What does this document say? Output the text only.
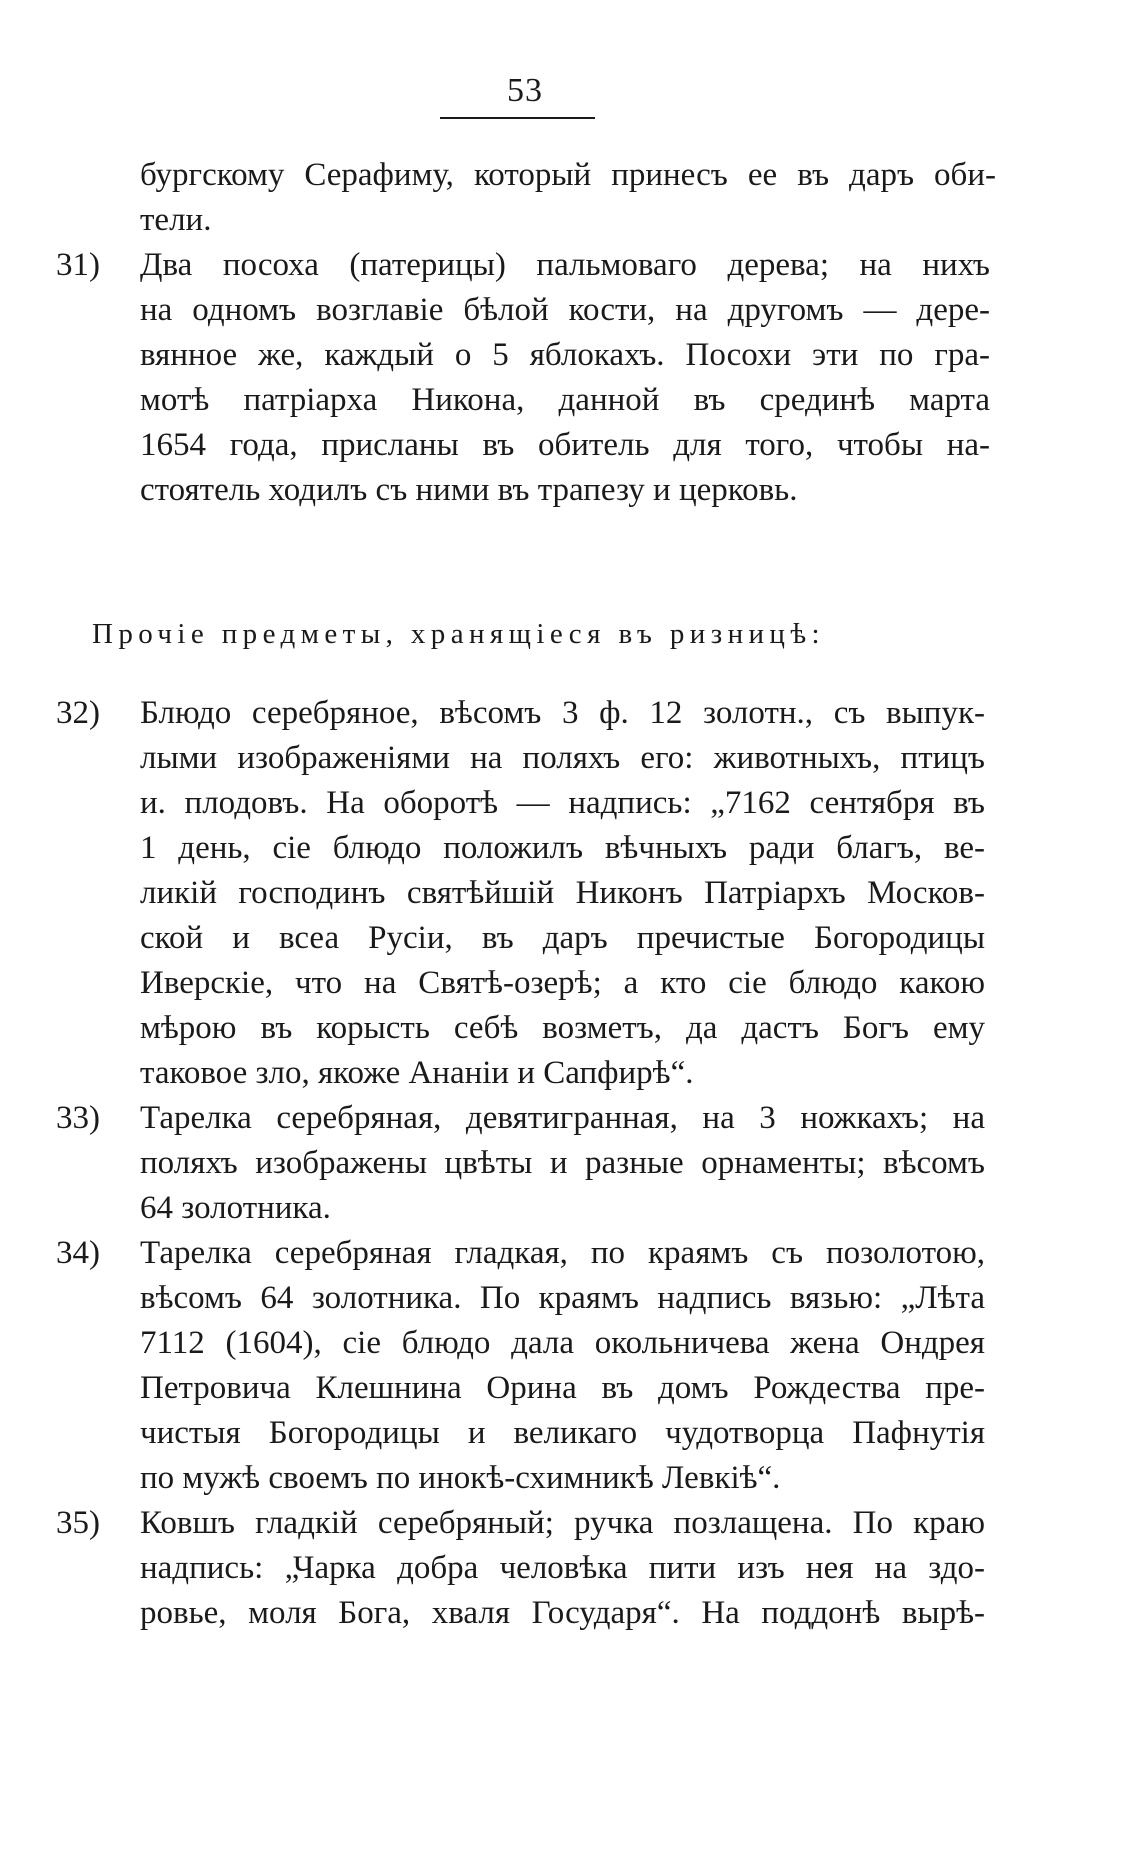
53
бургскому Серафиму, который принесъ ее въ даръ оби-
тели.
31) Два посоха (патерицы) пальмоваго дерева; на нихъ
на одномъ возглавіе бѣлой кости, на другомъ — дере-
вянное же, каждый о 5 яблокахъ. Посохи эти по гра-
мотѣ патріарха Никона, данной въ срединѣ марта
1654 года, присланы въ обитель для того, чтобы на-
стоятель ходилъ съ ними въ трапезу и церковь.
Прочіе предметы, хранящіеся въ ризницѣ:
32) Блюдо серебряное, вѣсомъ 3 ф. 12 золотн., съ выпук-
лыми изображеніями на поляхъ его: животныхъ, птицъ
и. плодовъ. На оборотѣ — надпись: „7162 сентября въ
1 день, сіе блюдо положилъ вѣчныхъ ради благъ, ве-
ликій господинъ святѣйшій Никонъ Патріархъ Москов-
ской и всеа Русіи, въ даръ пречистые Богородицы
Иверскіе, что на Святѣ-озерѣ; а кто сіе блюдо какою
мѣрою въ корысть себѣ возметъ, да дастъ Богъ ему
таковое зло, якоже Ананіи и Сапфирѣ“.
33) Тарелка серебряная, девятигранная, на 3 ножкахъ; на
поляхъ изображены цвѣты и разные орнаменты; вѣсомъ
64 золотника.
34) Тарелка серебряная гладкая, по краямъ съ позолотою,
вѣсомъ 64 золотника. По краямъ надпись вязью: „Лѣта
7112 (1604), сіе блюдо дала окольничева жена Ондрея
Петровича Клешнина Орина въ домъ Рождества пре-
чистыя Богородицы и великаго чудотворца Пафнутія
по мужѣ своемъ по инокѣ-схимникѣ Левкіѣ“.
35) Ковшъ гладкій серебряный; ручка позлащена. По краю
надпись: „Чарка добра человѣка пити изъ нея на здо-
ровье, моля Бога, хваля Государя“. На поддонѣ вырѣ-
